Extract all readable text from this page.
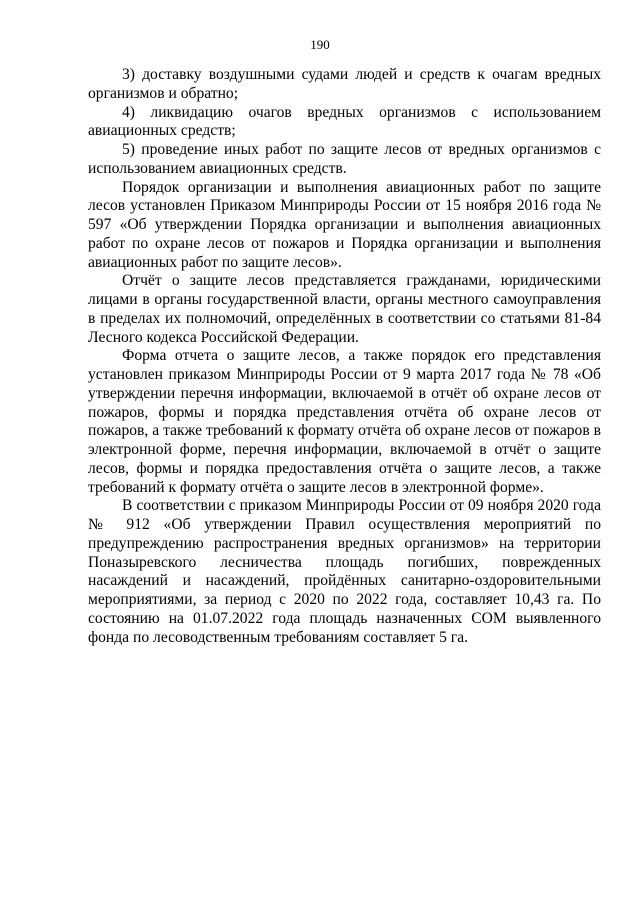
190

3) доставку воздушными судами людей и средств к очагам вредных организмов и обратно;

4) ликвидацию очагов вредных организмов с использованием авиационных средств;

5) проведение иных работ по защите лесов от вредных организмов с использованием авиационных средств.

Порядок организации и выполнения авиационных работ по защите лесов установлен Приказом Минприроды России от 15 ноября 2016 года № 597 «Об утверждении Порядка организации и выполнения авиационных работ по охране лесов от пожаров и Порядка организации и выполнения авиационных работ по защите лесов».

Отчёт о защите лесов представляется гражданами, юридическими лицами в органы государственной власти, органы местного самоуправления в пределах их полномочий, определённых в соответствии со статьями 81-84 Лесного кодекса Российской Федерации.

Форма отчета о защите лесов, а также порядок его представления установлен приказом Минприроды России от 9 марта 2017 года № 78 «Об утверждении перечня информации, включаемой в отчёт об охране лесов от пожаров, формы и порядка представления отчёта об охране лесов от пожаров, а также требований к формату отчёта об охране лесов от пожаров в электронной форме, перечня информации, включаемой в отчёт о защите лесов, формы и порядка предоставления отчёта о защите лесов, а также требований к формату отчёта о защите лесов в электронной форме».

В соответствии с приказом Минприроды России от 09 ноября 2020 года № 912 «Об утверждении Правил осуществления мероприятий по предупреждению распространения вредных организмов» на территории Поназыревского лесничества площадь погибших, поврежденных насаждений и насаждений, пройдённых санитарно-оздоровительными мероприятиями, за период с 2020 по 2022 года, составляет 10,43 га. По состоянию на 01.07.2022 года площадь назначенных СОМ выявленного фонда по лесоводственным требованиям составляет 5 га.
